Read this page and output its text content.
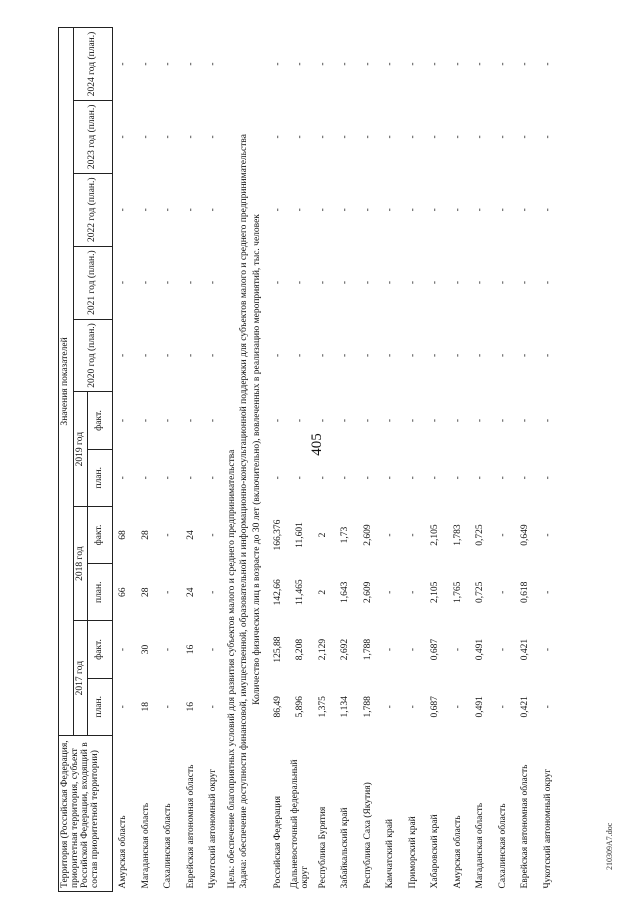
405
Территория (Российская Федерация, приоритетная территория, субъект Российской Федерации, входящий в состав приоритетной территории)	Значения показателей										
	2017 год		2018 год		2019 год		2020 год (план.)	2021 год (план.)	2022 год (план.)	2023 год (план.)	2024 год (план.)
	план.	факт.	план.	факт.	план.	факт.					
Амурская область	-	-	66	68	-	-	-	-	-	-	-
Магаданская область	18	30	28	28	-	-	-	-	-	-	-
Сахалинская область	-	-	-	-	-	-	-	-	-	-	-
Еврейская автономная область	16	16	24	24	-	-	-	-	-	-	-
Чукотский автономный округ	-	-	-	-	-	-	-	-	-	-	-
Цель: обеспечение благоприятных условий для развития субъектов малого и среднего предпринимательства											
Задача: обеспечение доступности финансовой, имущественной, образовательной и информационно-консультационной поддержки для субъектов малого и среднего предпринимательства											
Количество физических лиц в возрасте до 30 лет (включительно), вовлеченных в реализацию мероприятий, тыс. человек											
Российская Федерация	86,49	125,88	142,66	166,376	-	-	-	-	-	-	-
Дальневосточный федеральный округ	5,896	8,208	11,465	11,601	-	-	-	-	-	-	-
Республика Бурятия	1,375	2,129	2	2	-	-	-	-	-	-	-
Забайкальский край	1,134	2,692	1,643	1,73	-	-	-	-	-	-	-
Республика Саха (Якутия)	1,788	1,788	2,609	2,609	-	-	-	-	-	-	-
Камчатский край	-	-	-	-	-	-	-	-	-	-	-
Приморский край	-	-	-	-	-	-	-	-	-	-	-
Хабаровский край	0,687	0,687	2,105	2,105	-	-	-	-	-	-	-
Амурская область	-	-	1,765	1,783	-	-	-	-	-	-	-
Магаданская область	0,491	0,491	0,725	0,725	-	-	-	-	-	-	-
Сахалинская область	-	-	-	-	-	-	-	-	-	-	-
Еврейская автономная область	0,421	0,421	0,618	0,649	-	-	-	-	-	-	-
Чукотский автономный округ	-	-	-	-	-	-	-	-	-	-	-
210309A7.doc
